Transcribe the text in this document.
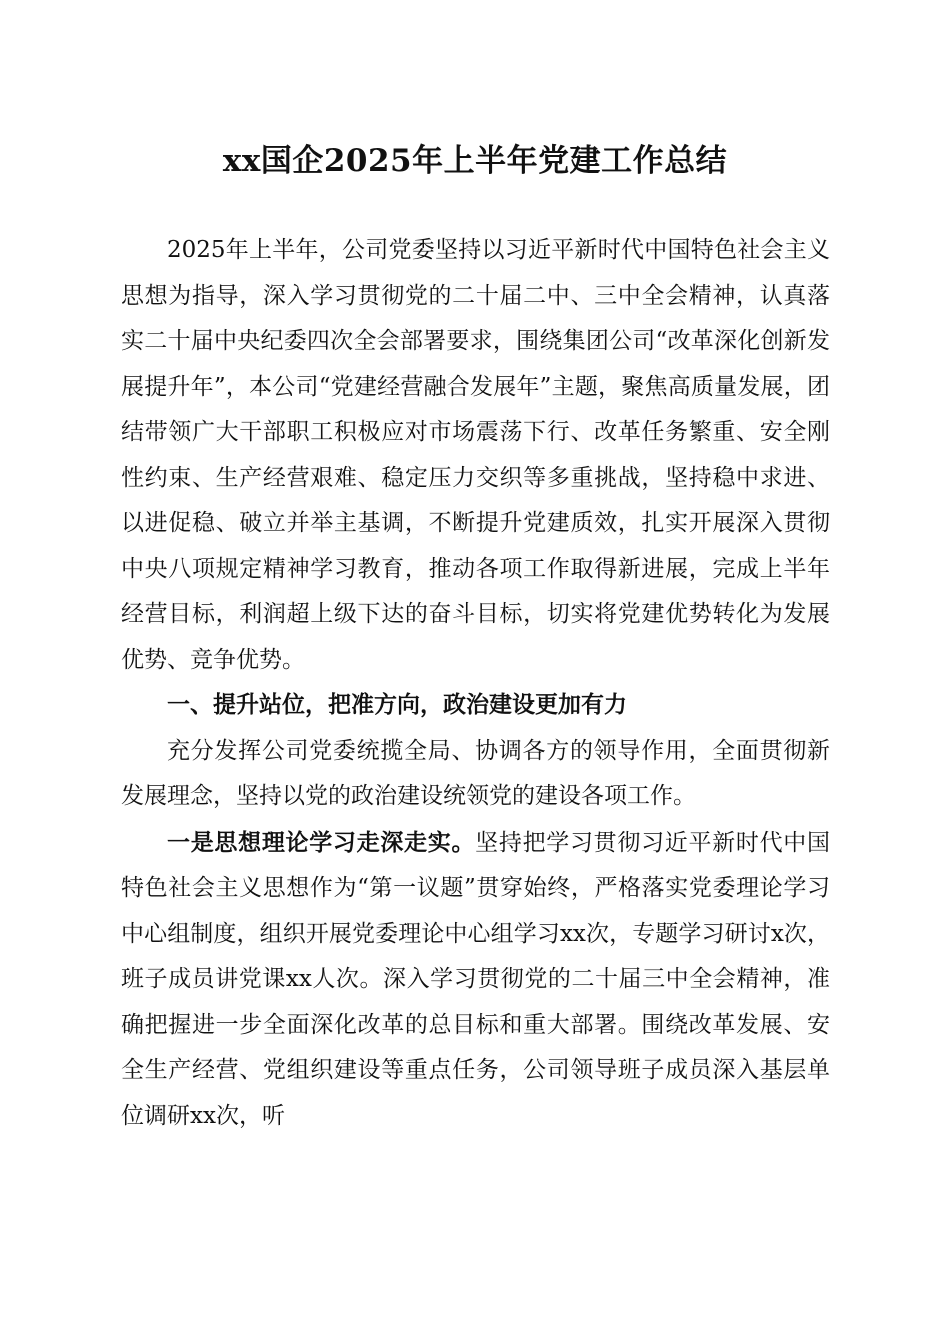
xx国企2025年上半年党建工作总结

2025年上半年，公司党委坚持以习近平新时代中国特色社会主义思想为指导，深入学习贯彻党的二十届二中、三中全会精神，认真落实二十届中央纪委四次全会部署要求，围绕集团公司“改革深化创新发展提升年”，本公司“党建经营融合发展年”主题，聚焦高质量发展，团结带领广大干部职工积极应对市场震荡下行、改革任务繁重、安全刚性约束、生产经营艰难、稳定压力交织等多重挑战，坚持稳中求进、以进促稳、破立并举主基调，不断提升党建质效，扎实开展深入贯彻中央八项规定精神学习教育，推动各项工作取得新进展，完成上半年经营目标，利润超上级下达的奋斗目标，切实将党建优势转化为发展优势、竞争优势。

一、提升站位，把准方向，政治建设更加有力

充分发挥公司党委统揽全局、协调各方的领导作用，全面贯彻新发展理念，坚持以党的政治建设统领党的建设各项工作。

一是思想理论学习走深走实。坚持把学习贯彻习近平新时代中国特色社会主义思想作为“第一议题”贯穿始终，严格落实党委理论学习中心组制度，组织开展党委理论中心组学习xx次，专题学习研讨x次，班子成员讲党课xx人次。深入学习贯彻党的二十届三中全会精神，准确把握进一步全面深化改革的总目标和重大部署。围绕改革发展、安全生产经营、党组织建设等重点任务，公司领导班子成员深入基层单位调研xx次，听
